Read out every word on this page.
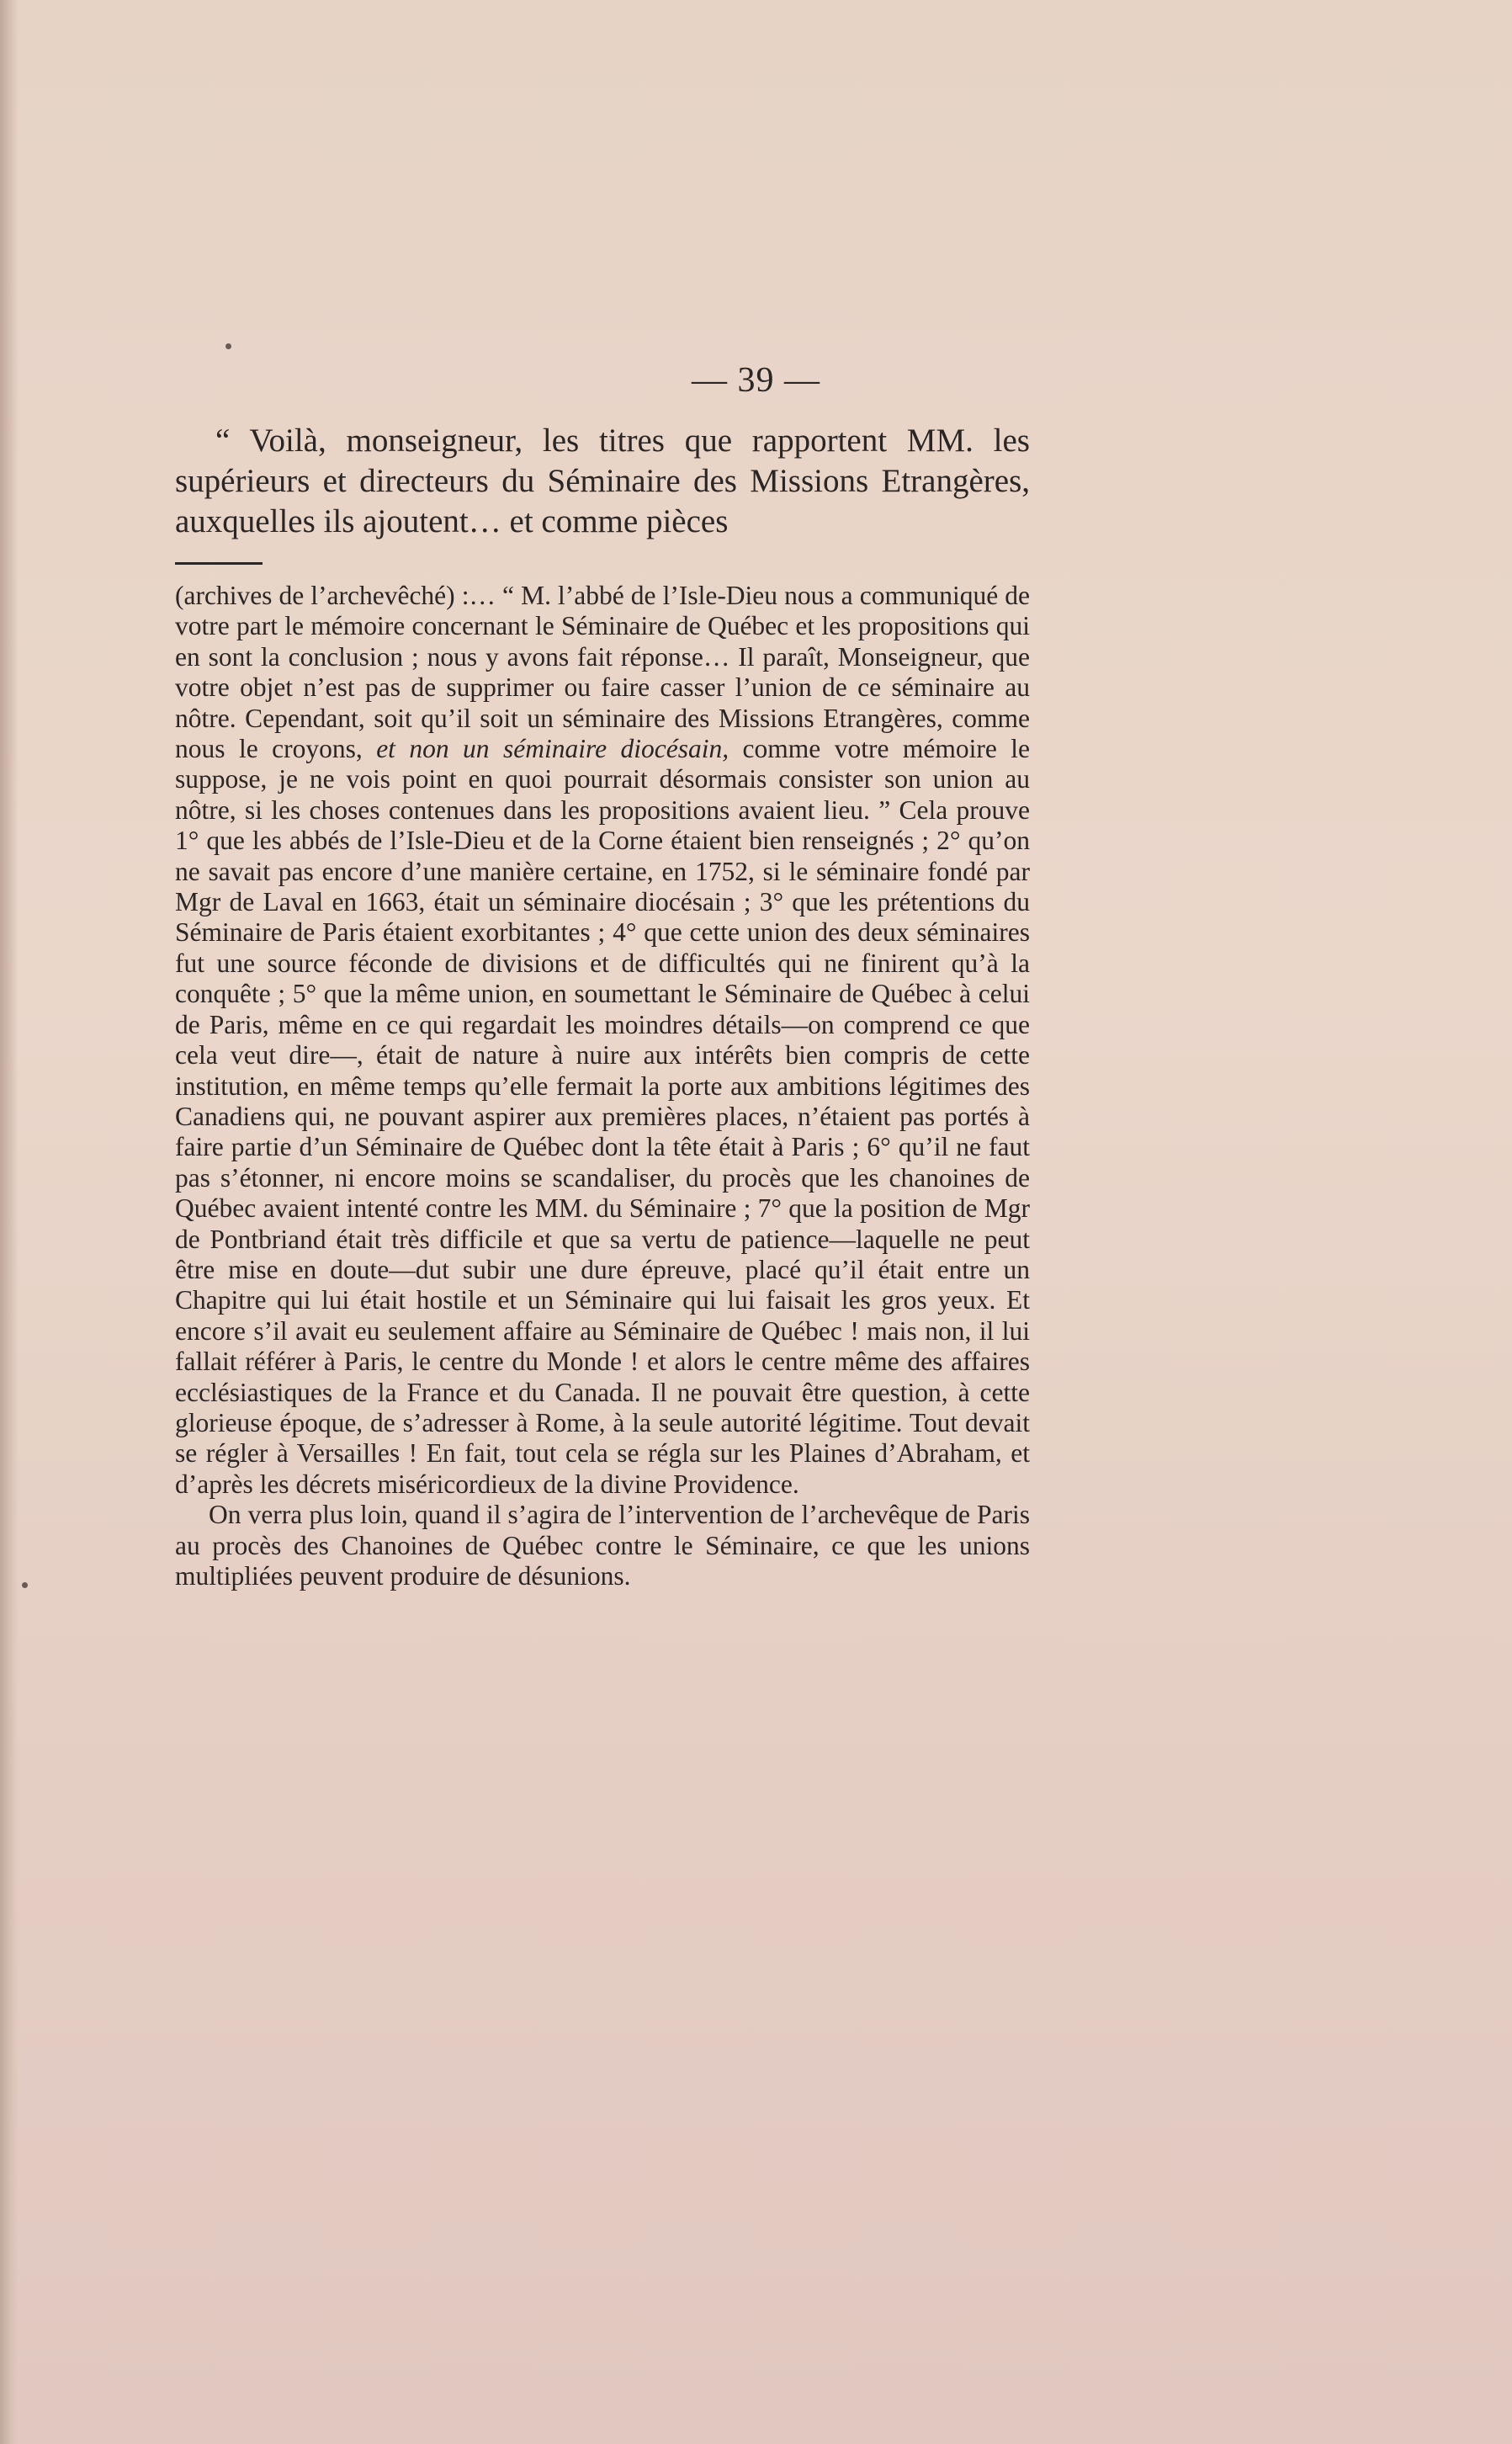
— 39 —
“ Voilà, monseigneur, les titres que rapportent MM. les supérieurs et directeurs du Séminaire des Missions Etrangères, auxquelles ils ajoutent… et comme pièces

(archives de l’archevêché) :… “ M. l’abbé de l’Isle-Dieu nous a communiqué de votre part le mémoire concernant le Séminaire de Québec et les propositions qui en sont la conclusion ; nous y avons fait réponse… Il paraît, Monseigneur, que votre objet n’est pas de supprimer ou faire casser l’union de ce séminaire au nôtre. Cependant, soit qu’il soit un séminaire des Missions Etrangères, comme nous le croyons, et non un séminaire diocésain, comme votre mémoire le suppose, je ne vois point en quoi pourrait désormais consister son union au nôtre, si les choses contenues dans les propositions avaient lieu. ” Cela prouve 1° que les abbés de l’Isle-Dieu et de la Corne étaient bien renseignés ; 2° qu’on ne savait pas encore d’une manière certaine, en 1752, si le séminaire fondé par Mgr de Laval en 1663, était un séminaire diocésain ; 3° que les prétentions du Séminaire de Paris étaient exorbitantes ; 4° que cette union des deux séminaires fut une source féconde de divisions et de difficultés qui ne finirent qu’à la conquête ; 5° que la même union, en soumettant le Séminaire de Québec à celui de Paris, même en ce qui regardait les moindres détails—on comprend ce que cela veut dire—, était de nature à nuire aux intérêts bien compris de cette institution, en même temps qu’elle fermait la porte aux ambitions légitimes des Canadiens qui, ne pouvant aspirer aux premières places, n’étaient pas portés à faire partie d’un Séminaire de Québec dont la tête était à Paris ; 6° qu’il ne faut pas s’étonner, ni encore moins se scandaliser, du procès que les chanoines de Québec avaient intenté contre les MM. du Séminaire ; 7° que la position de Mgr de Pontbriand était très difficile et que sa vertu de patience—laquelle ne peut être mise en doute—dut subir une dure épreuve, placé qu’il était entre un Chapitre qui lui était hostile et un Séminaire qui lui faisait les gros yeux. Et encore s’il avait eu seulement affaire au Séminaire de Québec ! mais non, il lui fallait référer à Paris, le centre du Monde ! et alors le centre même des affaires ecclésiastiques de la France et du Canada. Il ne pouvait être question, à cette glorieuse époque, de s’adresser à Rome, à la seule autorité légitime. Tout devait se régler à Versailles ! En fait, tout cela se régla sur les Plaines d’Abraham, et d’après les décrets miséricordieux de la divine Providence.

On verra plus loin, quand il s’agira de l’intervention de l’archevêque de Paris au procès des Chanoines de Québec contre le Séminaire, ce que les unions multipliées peuvent produire de désunions.
